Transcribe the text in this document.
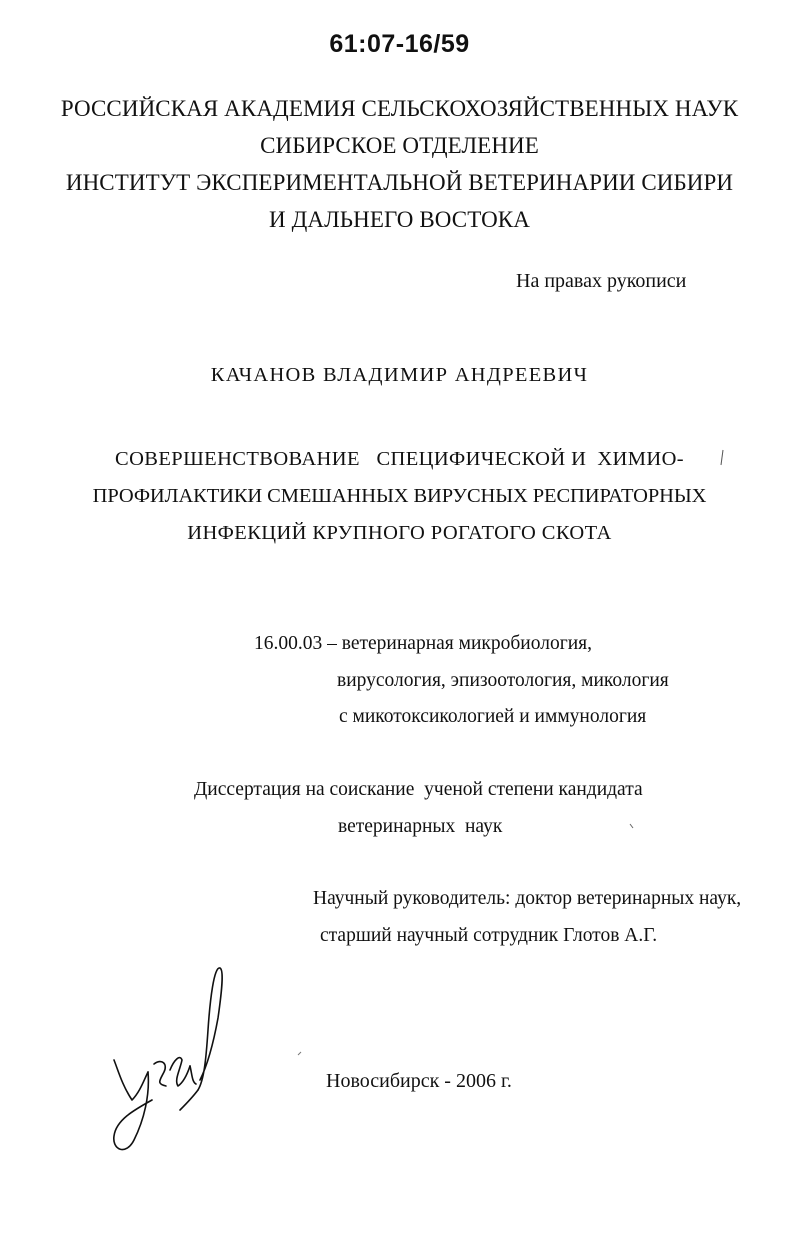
61:07-16/59
РОССИЙСКАЯ АКАДЕМИЯ СЕЛЬСКОХОЗЯЙСТВЕННЫХ НАУК
СИБИРСКОЕ ОТДЕЛЕНИЕ
ИНСТИТУТ ЭКСПЕРИМЕНТАЛЬНОЙ ВЕТЕРИНАРИИ СИБИРИ
И ДАЛЬНЕГО ВОСТОКА
На правах рукописи
КАЧАНОВ ВЛАДИМИР АНДРЕЕВИЧ
СОВЕРШЕНСТВОВАНИЕ   СПЕЦИФИЧЕСКОЙ И  ХИМИО-
ПРОФИЛАКТИКИ СМЕШАННЫХ ВИРУСНЫХ РЕСПИРАТОРНЫХ
ИНФЕКЦИЙ КРУПНОГО РОГАТОГО СКОТА
16.00.03 – ветеринарная микробиология,
вирусология, эпизоотология, микология
с микотоксикологией и иммунология
Диссертация на соискание  ученой степени кандидата
ветеринарных  наук
Научный руководитель: доктор ветеринарных наук,
старший научный сотрудник Глотов А.Г.
Новосибирск - 2006 г.
